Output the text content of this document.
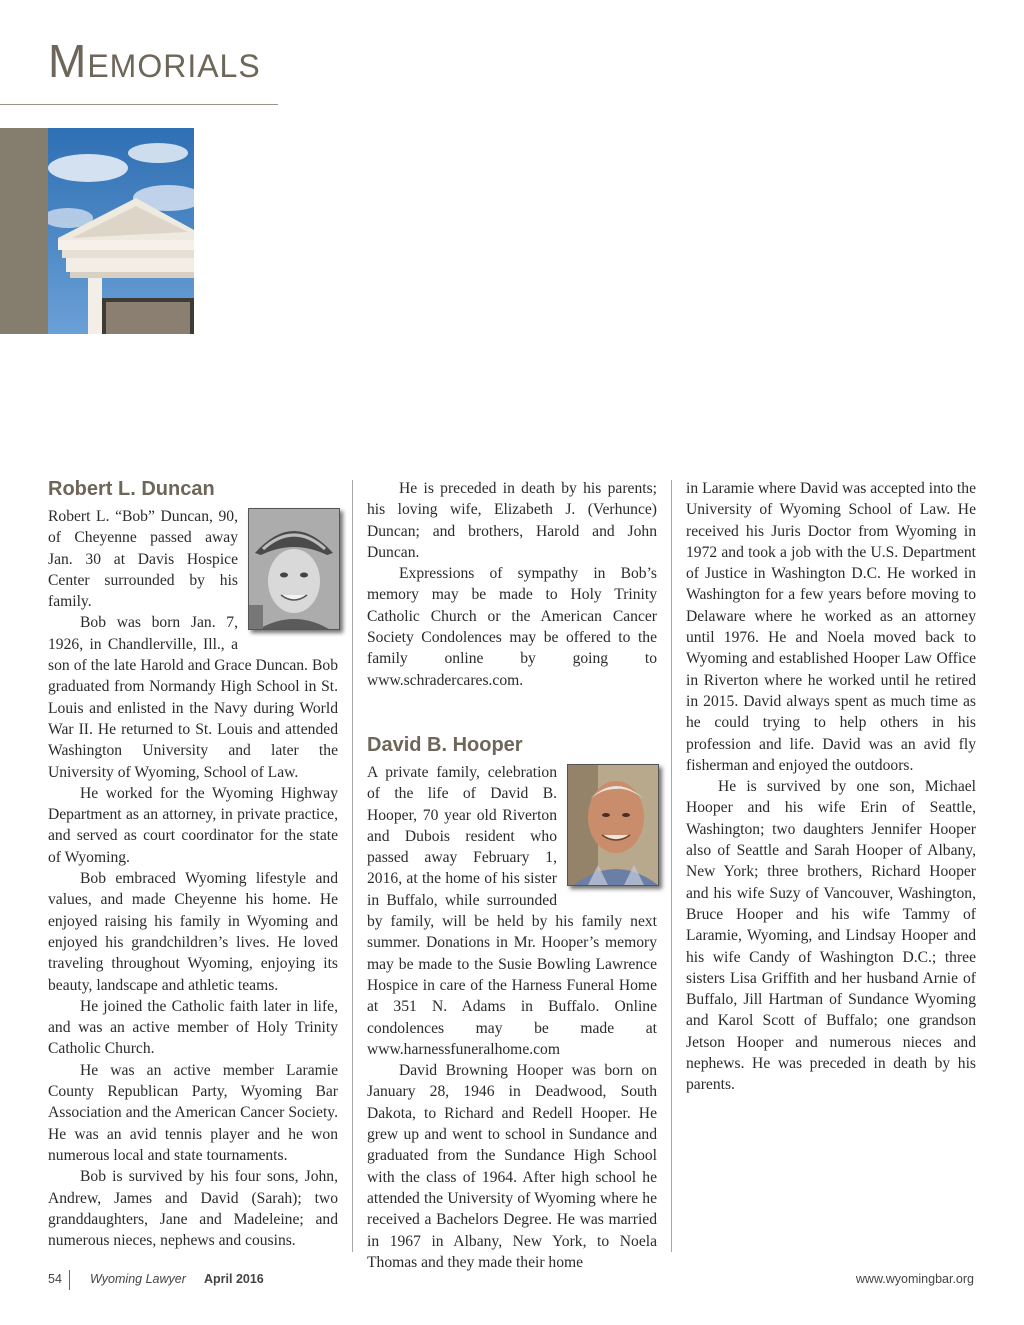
Memorials
Robert L. Duncan

Robert L. “Bob” Duncan, 90, of Cheyenne passed away Jan. 30 at Davis Hospice Center surrounded by his family.

Bob was born Jan. 7, 1926, in Chandlerville, Ill., a son of the late Harold and Grace Duncan. Bob graduated from Normandy High School in St. Louis and enlisted in the Navy during World War II. He returned to St. Louis and attended Washington University and later the University of Wyoming, School of Law.

He worked for the Wyoming Highway Department as an attorney, in private practice, and served as court coordinator for the state of Wyoming.

Bob embraced Wyoming lifestyle and values, and made Cheyenne his home. He enjoyed raising his family in Wyoming and enjoyed his grandchildren’s lives. He loved traveling throughout Wyoming, enjoying its beauty, landscape and athletic teams.

He joined the Catholic faith later in life, and was an active member of Holy Trinity Catholic Church.

He was an active member Laramie County Republican Party, Wyoming Bar Association and the American Cancer Society. He was an avid tennis player and he won numerous local and state tournaments.

Bob is survived by his four sons, John, Andrew, James and David (Sarah); two granddaughters, Jane and Madeleine; and numerous nieces, nephews and cousins.

He is preceded in death by his parents; his loving wife, Elizabeth J. (Verhunce) Duncan; and brothers, Harold and John Duncan.

Expressions of sympathy in Bob’s memory may be made to Holy Trinity Catholic Church or the American Cancer Society Condolences may be offered to the family online by going to www.schradercares.com.

David B. Hooper

A private family, celebration of the life of David B. Hooper, 70 year old Riverton and Dubois resident who passed away February 1, 2016, at the home of his sister in Buffalo, while surrounded by family, will be held by his family next summer. Donations in Mr. Hooper’s memory may be made to the Susie Bowling Lawrence Hospice in care of the Harness Funeral Home at 351 N. Adams in Buffalo. Online condolences may be made at www.harnessfuneralhome.com

David Browning Hooper was born on January 28, 1946 in Deadwood, South Dakota, to Richard and Redell Hooper. He grew up and went to school in Sundance and graduated from the Sundance High School with the class of 1964. After high school he attended the University of Wyoming where he received a Bachelors Degree. He was married in 1967 in Albany, New York, to Noela Thomas and they made their home

in Laramie where David was accepted into the University of Wyoming School of Law. He received his Juris Doctor from Wyoming in 1972 and took a job with the U.S. Department of Justice in Washington D.C. He worked in Washington for a few years before moving to Delaware where he worked as an attorney until 1976. He and Noela moved back to Wyoming and established Hooper Law Office in Riverton where he worked until he retired in 2015. David always spent as much time as he could trying to help others in his profession and life. David was an avid fly fisherman and enjoyed the outdoors.

He is survived by one son, Michael Hooper and his wife Erin of Seattle, Washington; two daughters Jennifer Hooper also of Seattle and Sarah Hooper of Albany, New York; three brothers, Richard Hooper and his wife Suzy of Vancouver, Washington, Bruce Hooper and his wife Tammy of Laramie, Wyoming, and Lindsay Hooper and his wife Candy of Washington D.C.; three sisters Lisa Griffith and her husband Arnie of Buffalo, Jill Hartman of Sundance Wyoming and Karol Scott of Buffalo; one grandson Jetson Hooper and numerous nieces and nephews. He was preceded in death by his parents.

54 Wyoming Lawyer April 2016	www.wyomingbar.org
